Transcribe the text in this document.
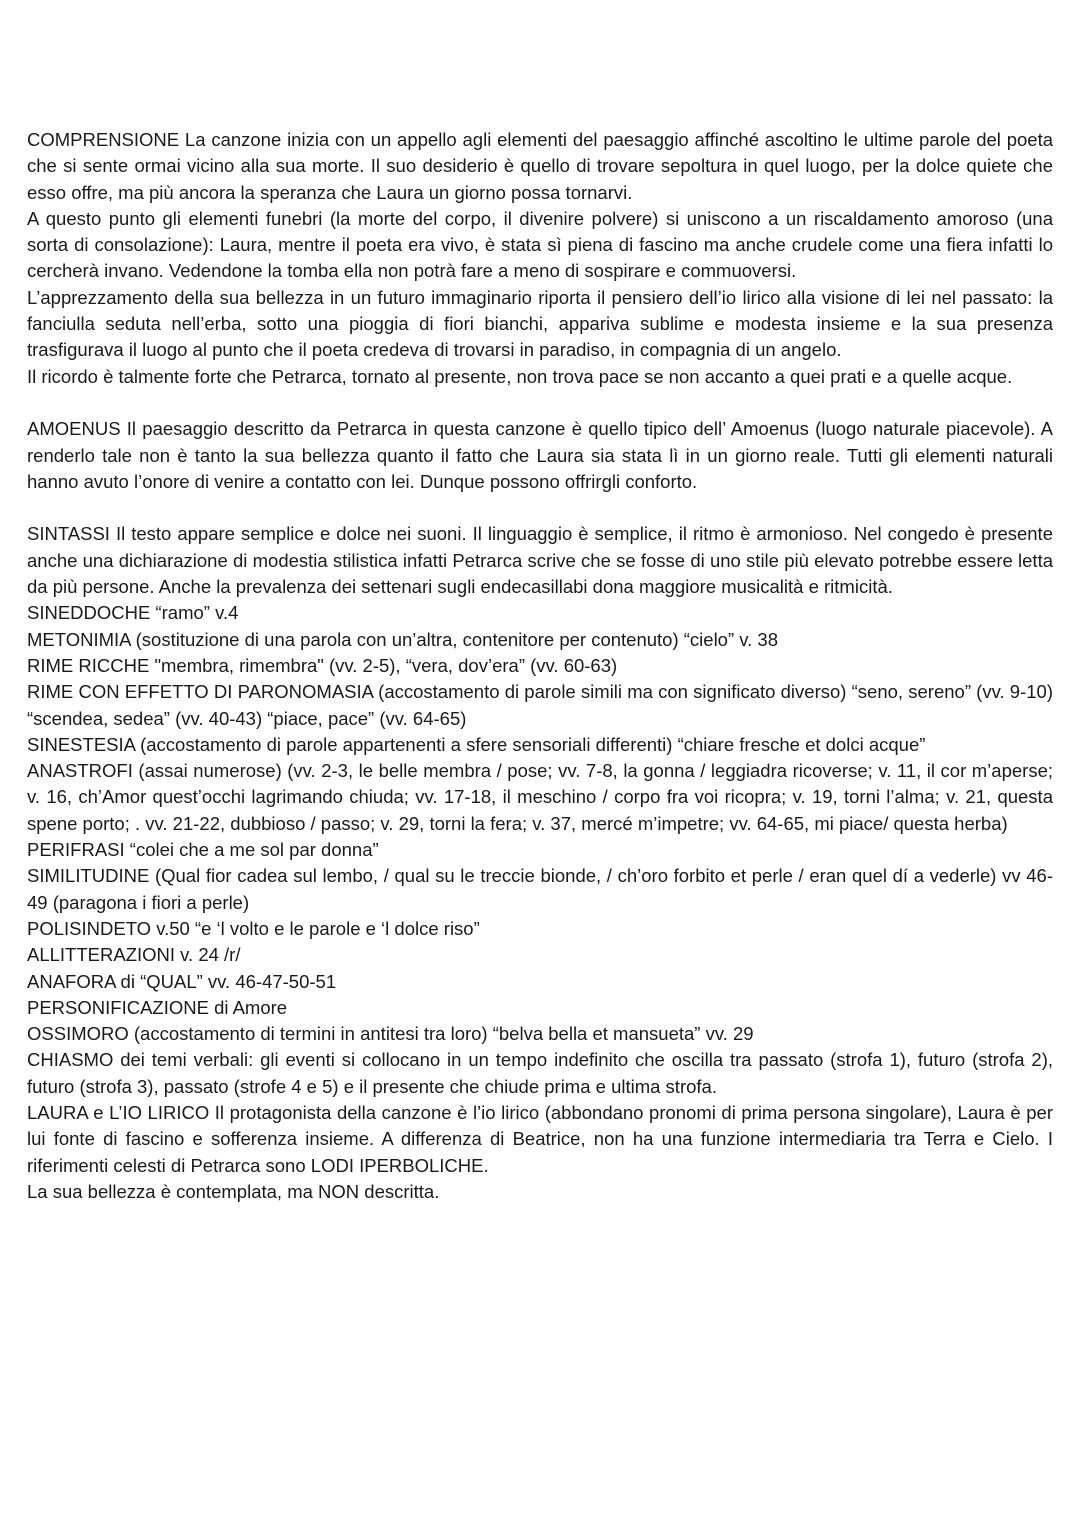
COMPRENSIONE La canzone inizia con un appello agli elementi del paesaggio affinché ascoltino le ultime parole del poeta che si sente ormai vicino alla sua morte. Il suo desiderio è quello di trovare sepoltura in quel luogo, per la dolce quiete che esso offre, ma più ancora la speranza che Laura un giorno possa tornarvi.

A questo punto gli elementi funebri (la morte del corpo, il divenire polvere) si uniscono a un riscaldamento amoroso (una sorta di consolazione): Laura, mentre il poeta era vivo, è stata sì piena di fascino ma anche crudele come una fiera infatti lo cercherà invano. Vedendone la tomba ella non potrà fare a meno di sospirare e commuoversi.

L’apprezzamento della sua bellezza in un futuro immaginario riporta il pensiero dell’io lirico alla visione di lei nel passato: la fanciulla seduta nell’erba, sotto una pioggia di fiori bianchi, appariva sublime e modesta insieme e la sua presenza trasfigurava il luogo al punto che il poeta credeva di trovarsi in paradiso, in compagnia di un angelo.

Il ricordo è talmente forte che Petrarca, tornato al presente, non trova pace se non accanto a quei prati e a quelle acque.

AMOENUS Il paesaggio descritto da Petrarca in questa canzone è quello tipico dell’ Amoenus (luogo naturale piacevole). A renderlo tale non è tanto la sua bellezza quanto il fatto che Laura sia stata lì in un giorno reale. Tutti gli elementi naturali hanno avuto l’onore di venire a contatto con lei. Dunque possono offrirgli conforto.

SINTASSI Il testo appare semplice e dolce nei suoni. Il linguaggio è semplice, il ritmo è armonioso. Nel congedo è presente anche una dichiarazione di modestia stilistica infatti Petrarca scrive che se fosse di uno stile più elevato potrebbe essere letta da più persone. Anche la prevalenza dei settenari sugli endecasillabi dona maggiore musicalità e ritmicità.

SINEDDOCHE “ramo” v.4

METONIMIA (sostituzione di una parola con un’altra, contenitore per contenuto) “cielo” v. 38

RIME RICCHE "membra, rimembra" (vv. 2-5), “vera, dov’era” (vv. 60-63)

RIME CON EFFETTO DI PARONOMASIA (accostamento di parole simili ma con significato diverso) “seno, sereno” (vv. 9-10) “scendea, sedea” (vv. 40-43) “piace, pace” (vv. 64-65)

SINESTESIA (accostamento di parole appartenenti a sfere sensoriali differenti) “chiare fresche et dolci acque”

ANASTROFI (assai numerose) (vv. 2-3, le belle membra / pose; vv. 7-8, la gonna / leggiadra ricoverse; v. 11, il cor m’aperse; v. 16, ch’Amor quest’occhi lagrimando chiuda; vv. 17-18, il meschino / corpo fra voi ricopra; v. 19, torni l’alma; v. 21, questa spene porto; . vv. 21-22, dubbioso / passo; v. 29, torni la fera; v. 37, mercé m’impetre; vv. 64-65, mi piace/ questa herba)

PERIFRASI “colei che a me sol par donna”

SIMILITUDINE (Qual fior cadea sul lembo, / qual su le treccie bionde, / ch’oro forbito et perle / eran quel dí a vederle) vv 46-49 (paragona i fiori a perle)

POLISINDETO v.50 “e ‘l volto e le parole e ‘l dolce riso”

ALLITTERAZIONI v. 24 /r/

ANAFORA di “QUAL” vv. 46-47-50-51

PERSONIFICAZIONE di Amore

OSSIMORO (accostamento di termini in antitesi tra loro) “belva bella et mansueta” vv. 29

CHIASMO dei temi verbali: gli eventi si collocano in un tempo indefinito che oscilla tra passato (strofa 1), futuro (strofa 2), futuro (strofa 3), passato (strofe 4 e 5) e il presente che chiude prima e ultima strofa.

LAURA e L’IO LIRICO Il protagonista della canzone è l’io lirico (abbondano pronomi di prima persona singolare), Laura è per lui fonte di fascino e sofferenza insieme. A differenza di Beatrice, non ha una funzione intermediaria tra Terra e Cielo. I riferimenti celesti di Petrarca sono LODI IPERBOLICHE.

La sua bellezza è contemplata, ma NON descritta.
